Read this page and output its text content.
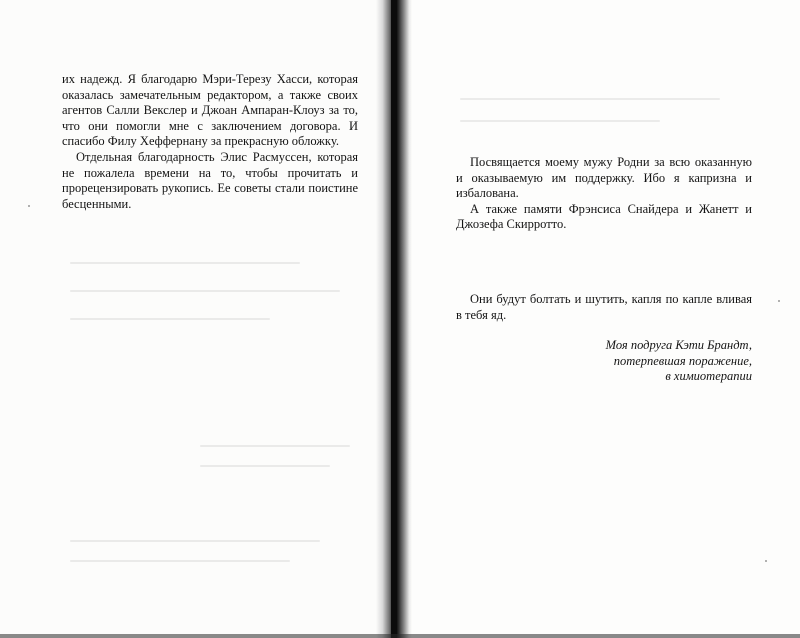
их надежд. Я благодарю Мэри-Терезу Хасси, которая оказалась замечательным редактором, а также своих агентов Салли Векслер и Джоан Ампаран-Клоуз за то, что они помогли мне с заключением договора. И спасибо Филу Хеффернану за прекрасную обложку.

Отдельная благодарность Элис Расмуссен, которая не пожалела времени на то, чтобы прочитать и прорецензировать рукопись. Ее советы стали поистине бесценными.

Посвящается моему мужу Родни за всю оказанную и оказываемую им поддержку. Ибо я капризна и избалована.

А также памяти Фрэнсиса Снайдера и Жанетт и Джозефа Скирротто.

Они будут болтать и шутить, капля по капле вливая в тебя яд.

Моя подруга Кэти Брандт,
потерпевшая поражение,
в химиотерапии
